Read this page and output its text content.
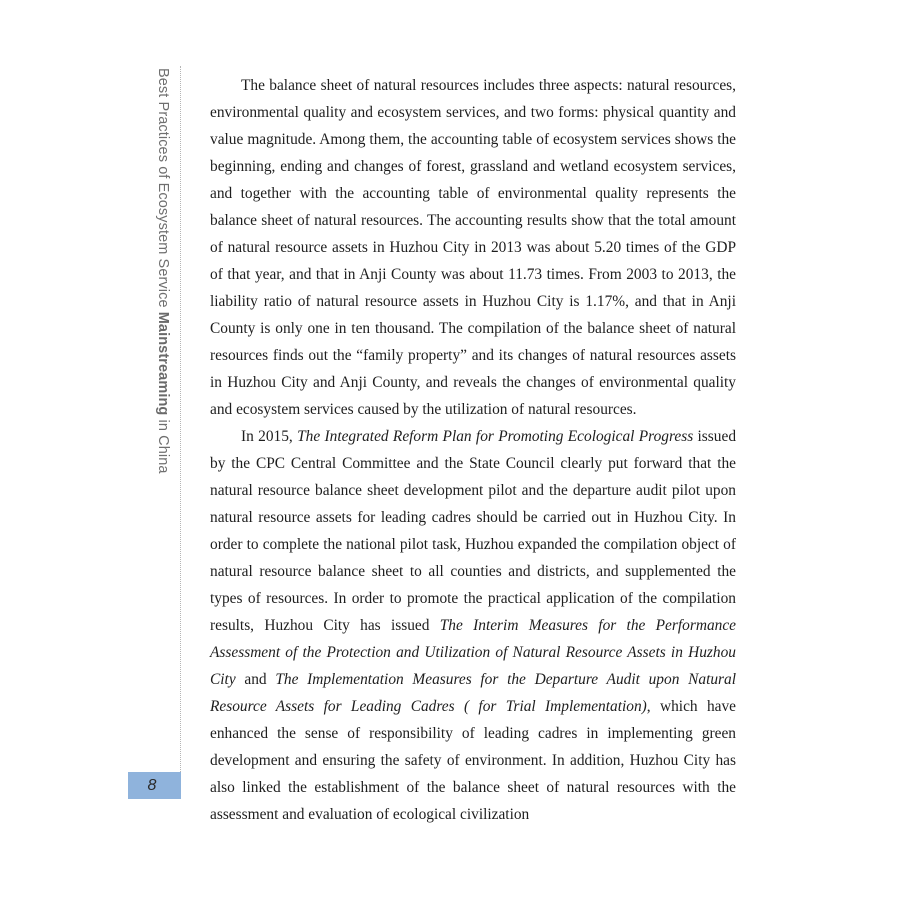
Best Practices of Ecosystem Service Mainstreaming in China
8

The balance sheet of natural resources includes three aspects: natural resources, environmental quality and ecosystem services, and two forms: physical quantity and value magnitude. Among them, the accounting table of ecosystem services shows the beginning, ending and changes of forest, grassland and wetland ecosystem services, and together with the accounting table of environmental quality represents the balance sheet of natural resources. The accounting results show that the total amount of natural resource assets in Huzhou City in 2013 was about 5.20 times of the GDP of that year, and that in Anji County was about 11.73 times. From 2003 to 2013, the liability ratio of natural resource assets in Huzhou City is 1.17%, and that in Anji County is only one in ten thousand. The compilation of the balance sheet of natural resources finds out the “family property” and its changes of natural resources assets in Huzhou City and Anji County, and reveals the changes of environmental quality and ecosystem services caused by the utilization of natural resources.

In 2015, The Integrated Reform Plan for Promoting Ecological Progress issued by the CPC Central Committee and the State Council clearly put forward that the natural resource balance sheet development pilot and the departure audit pilot upon natural resource assets for leading cadres should be carried out in Huzhou City. In order to complete the national pilot task, Huzhou expanded the compilation object of natural resource balance sheet to all counties and districts, and supplemented the types of resources. In order to promote the practical application of the compilation results, Huzhou City has issued The Interim Measures for the Performance Assessment of the Protection and Utilization of Natural Resource Assets in Huzhou City and The Implementation Measures for the Departure Audit upon Natural Resource Assets for Leading Cadres ( for Trial Implementation), which have enhanced the sense of responsibility of leading cadres in implementing green development and ensuring the safety of environment. In addition, Huzhou City has also linked the establishment of the balance sheet of natural resources with the assessment and evaluation of ecological civilization
